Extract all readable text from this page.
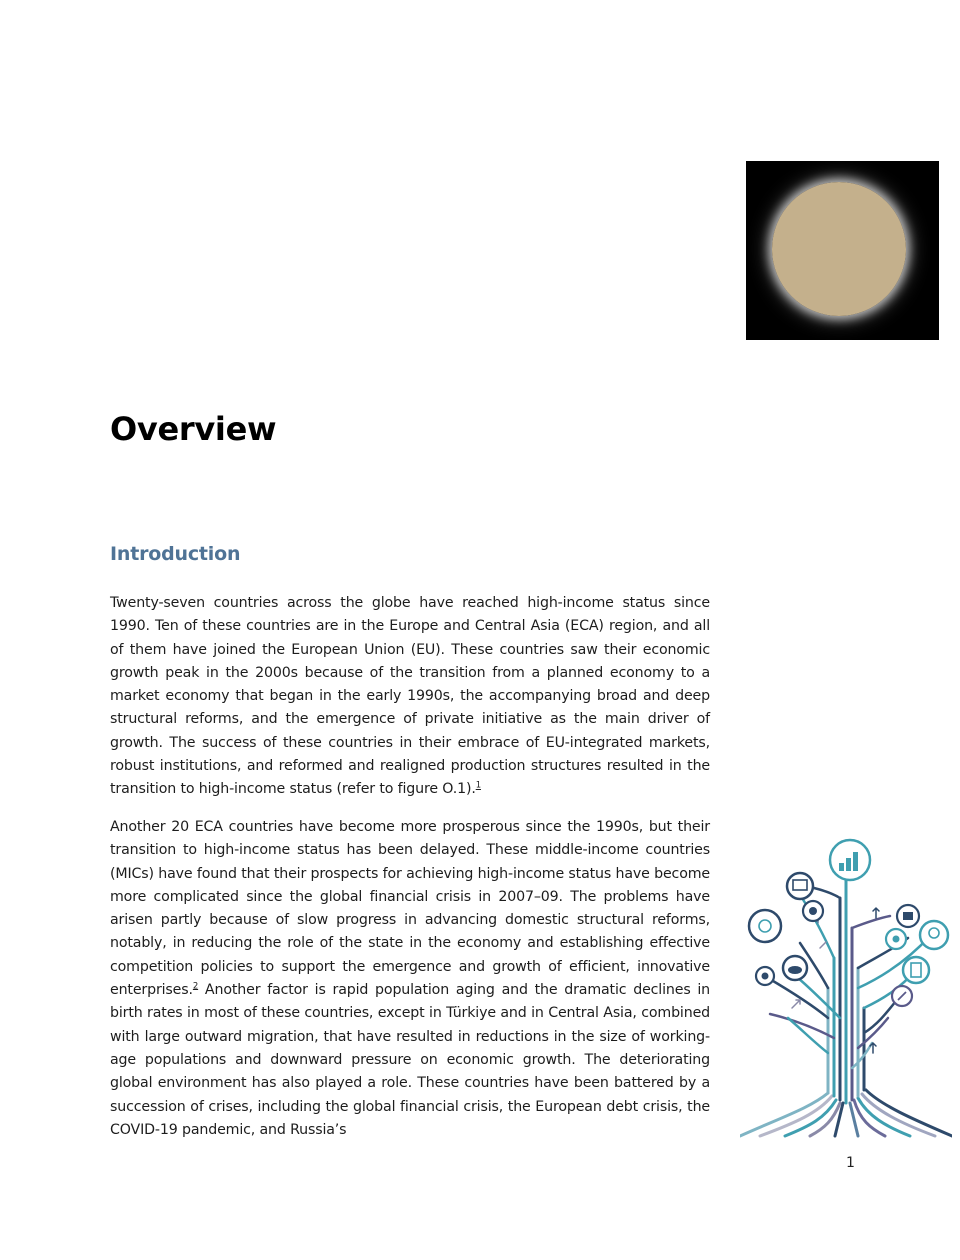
Overview
Introduction

Twenty-seven countries across the globe have reached high-income status since 1990. Ten of these countries are in the Europe and Central Asia (ECA) region, and all of them have joined the European Union (EU). These countries saw their economic growth peak in the 2000s because of the transition from a planned economy to a market economy that began in the early 1990s, the accompanying broad and deep structural reforms, and the emergence of private initiative as the main driver of growth. The success of these countries in their embrace of EU-integrated markets, robust institutions, and reformed and realigned production structures resulted in the transition to high-income status (refer to figure O.1).$^1$

Another 20 ECA countries have become more prosperous since the 1990s, but their transition to high-income status has been delayed. These middle-income countries (MICs) have found that their prospects for achieving high-income status have become more complicated since the global financial crisis in 2007–09. The problems have arisen partly because of slow progress in advancing domestic structural reforms, notably, in reducing the role of the state in the economy and establishing effective competition policies to support the emergence and growth of efficient, innovative enterprises.$^2$ Another factor is rapid population aging and the dramatic declines in birth rates in most of these countries, except in Türkiye and in Central Asia, combined with large outward migration, that have resulted in reductions in the size of working-age populations and downward pressure on economic growth. The deteriorating global environment has also played a role. These countries have been battered by a succession of crises, including the global financial crisis, the European debt crisis, the COVID-19 pandemic, and Russia’s

1
